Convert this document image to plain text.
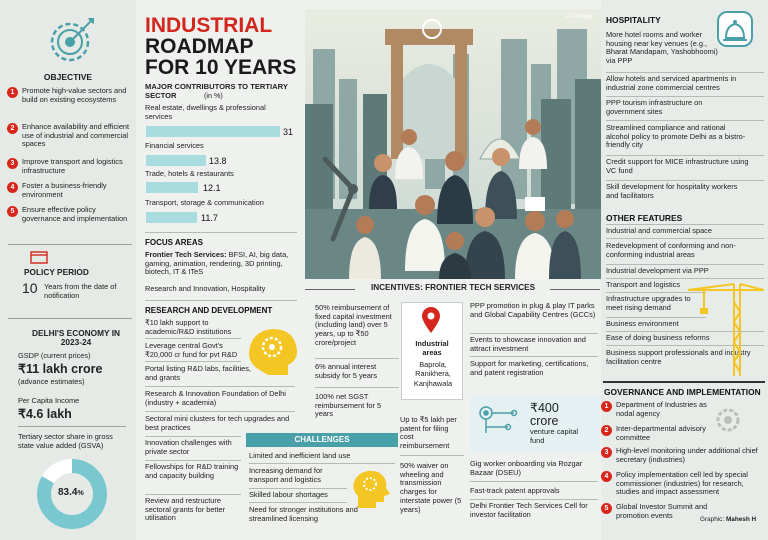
OBJECTIVE
1	Promote high-value sectors and build on existing ecosystems
2	Enhance availability and efficient use of industrial and commercial spaces
3	Improve transport and logistics infrastructure
4	Foster a business-friendly environment
5	Ensure effective policy governance and implementation
POLICY PERIOD
10 Years from the date of notification
DELHI'S ECONOMY IN 2023-24
GSDP (current prices)
₹11 lakh crore
(advance estimates)
Per Capita Income
₹4.6 lakh
Tertiary sector share in gross state value added (GSVA)
83.4%
INDUSTRIAL
ROADMAP FOR 10 YEARS
MAJOR CONTRIBUTORS TO TERTIARY SECTOR	(in %)
Real estate, dwellings & professional services
31
Financial services
13.8
Trade, hotels & restaurants
12.1
Transport, storage & communication
11.7
FOCUS AREAS
Frontier Tech Services: BFSI, AI, big data, gaming, animation, rendering, 3D printing, biotech, IT & ITeS
Research and Innovation, Hospitality
RESEARCH AND DEVELOPMENT
₹10 lakh support to academic/R&D institutions
Leverage central Govt's ₹20,000 cr fund for pvt R&D
Portal listing R&D labs, facilities, and grants
Research & Innovation Foundation of Delhi (industry + academia)
Sectoral mini clusters for tech upgrades and best practices
Innovation challenges with private sector
Fellowships for R&D training and capacity building
Review and restructure sectoral grants for better utilisation
AI Image
INCENTIVES: FRONTIER TECH SERVICES
50% reimbursement of fixed capital investment (including land) over 5 years, up to ₹50 crore/project
6% annual interest subsidy for 5 years
100% net SGST reimbursement for 5 years
Industrial areas
Baprola, Ranikhera, Kanjhawala
Up to ₹5 lakh per patent for filing cost reimbursement
50% waiver on wheeling and transmission charges for interstate power (5 years)
PPP promotion in plug & play IT parks and Global Capability Centres (GCCs)
Events to showcase innovation and attract investment
Support for marketing, certifications, and patent registration
₹400 crore
venture capital fund
Gig worker onboarding via Rozgar Bazaar (DSEU)
Fast-track patent approvals
Delhi Frontier Tech Services Cell for investor facilitation
CHALLENGES
Limited and inefficient land use
Increasing demand for transport and logistics
Skilled labour shortages
Need for stronger institutions and streamlined licensing
HOSPITALITY
More hotel rooms and worker housing near key venues (e.g., Bharat Mandapam, Yashobhoomi) via PPP
Allow hotels and serviced apartments in industrial zone commercial centres
PPP tourism infrastructure on government sites
Streamlined compliance and rational alcohol policy to promote Delhi as a bistro-friendly city
Credit support for MICE infrastructure using VC fund
Skill development for hospitality workers and facilitators
OTHER FEATURES
Industrial and commercial space
Redevelopment of conforming and non-conforming industrial areas
Industrial development via PPP
Transport and logistics
Infrastructure upgrades to meet rising demand
Business environment
Ease of doing business reforms
Business support professionals and industry facilitation centre
GOVERNANCE AND IMPLEMENTATION
1	Department of Industries as nodal agency
2	Inter-departmental advisory committee
3	High-level monitoring under additional chief secretary (industries)
4	Policy implementation cell led by special commissioner (industries) for research, studies and impact assessment
5	Global Investor Summit and promotion events	Graphic: Mahesh H
